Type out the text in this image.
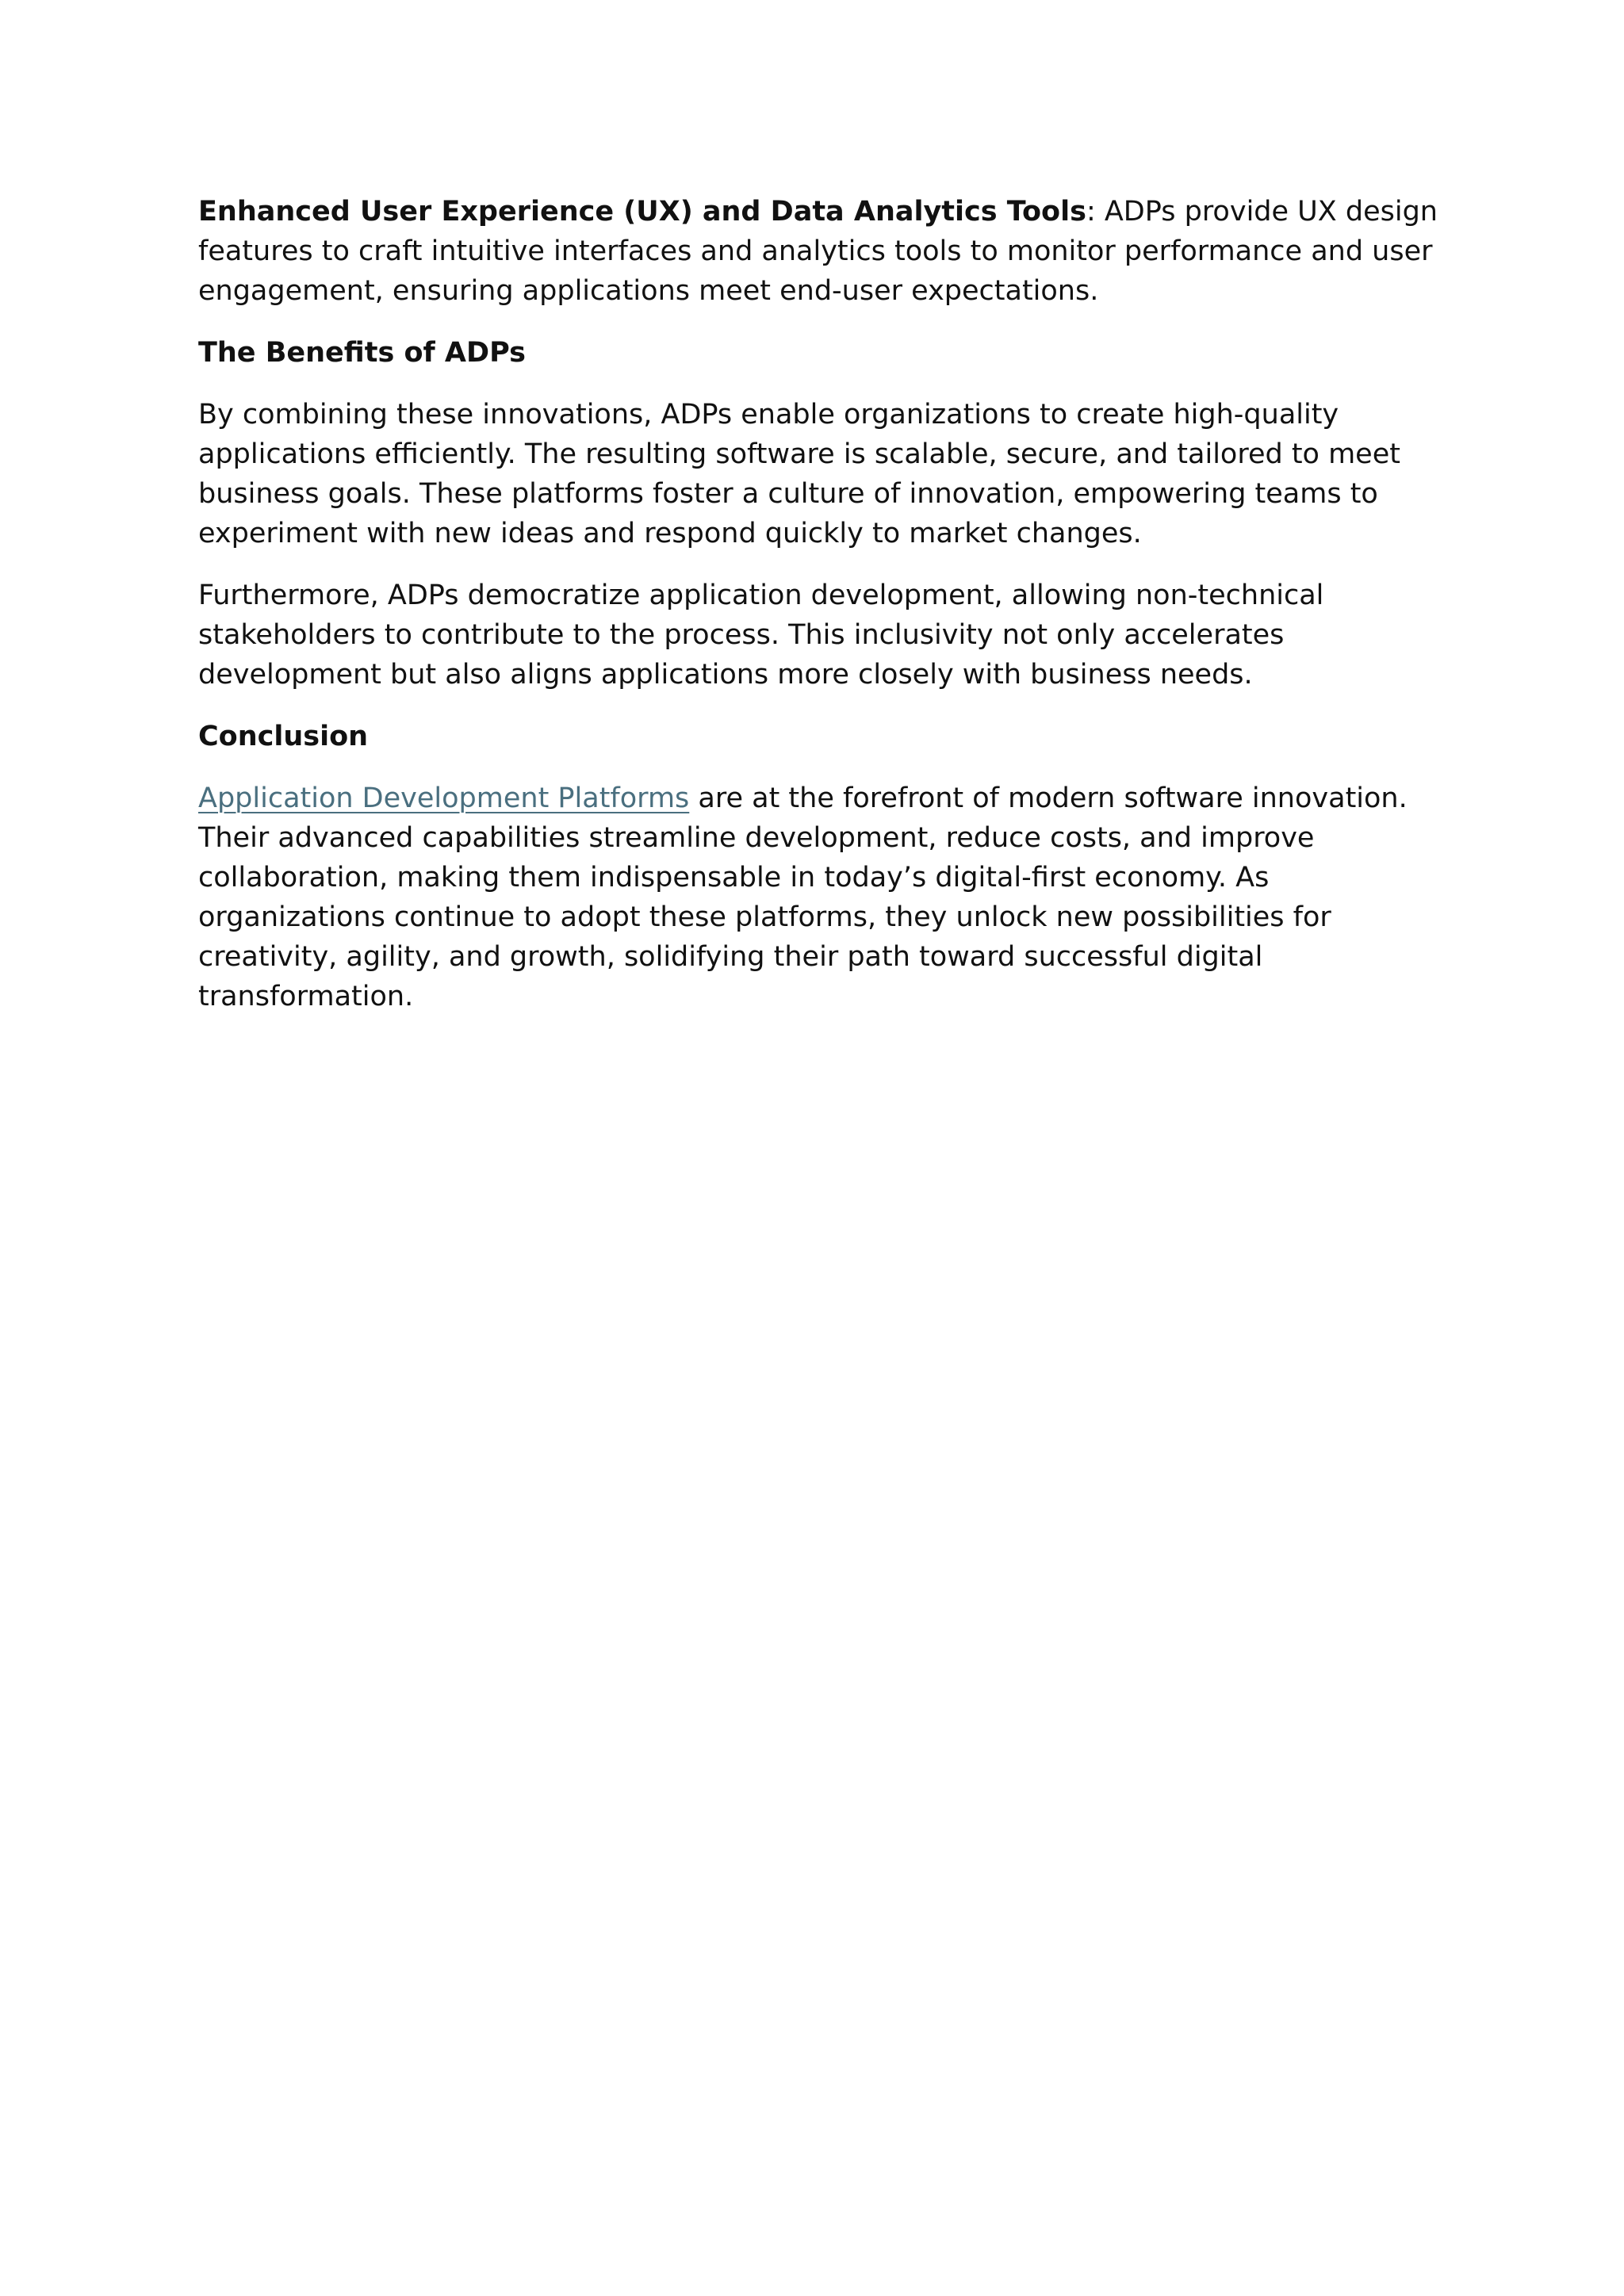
Enhanced User Experience (UX) and Data Analytics Tools: ADPs provide UX design features to craft intuitive interfaces and analytics tools to monitor performance and user engagement, ensuring applications meet end-user expectations.

The Benefits of ADPs

By combining these innovations, ADPs enable organizations to create high-quality applications efficiently. The resulting software is scalable, secure, and tailored to meet business goals. These platforms foster a culture of innovation, empowering teams to experiment with new ideas and respond quickly to market changes.

Furthermore, ADPs democratize application development, allowing non-technical stakeholders to contribute to the process. This inclusivity not only accelerates development but also aligns applications more closely with business needs.

Conclusion

Application Development Platforms are at the forefront of modern software innovation. Their advanced capabilities streamline development, reduce costs, and improve collaboration, making them indispensable in today’s digital-first economy. As organizations continue to adopt these platforms, they unlock new possibilities for creativity, agility, and growth, solidifying their path toward successful digital transformation.
